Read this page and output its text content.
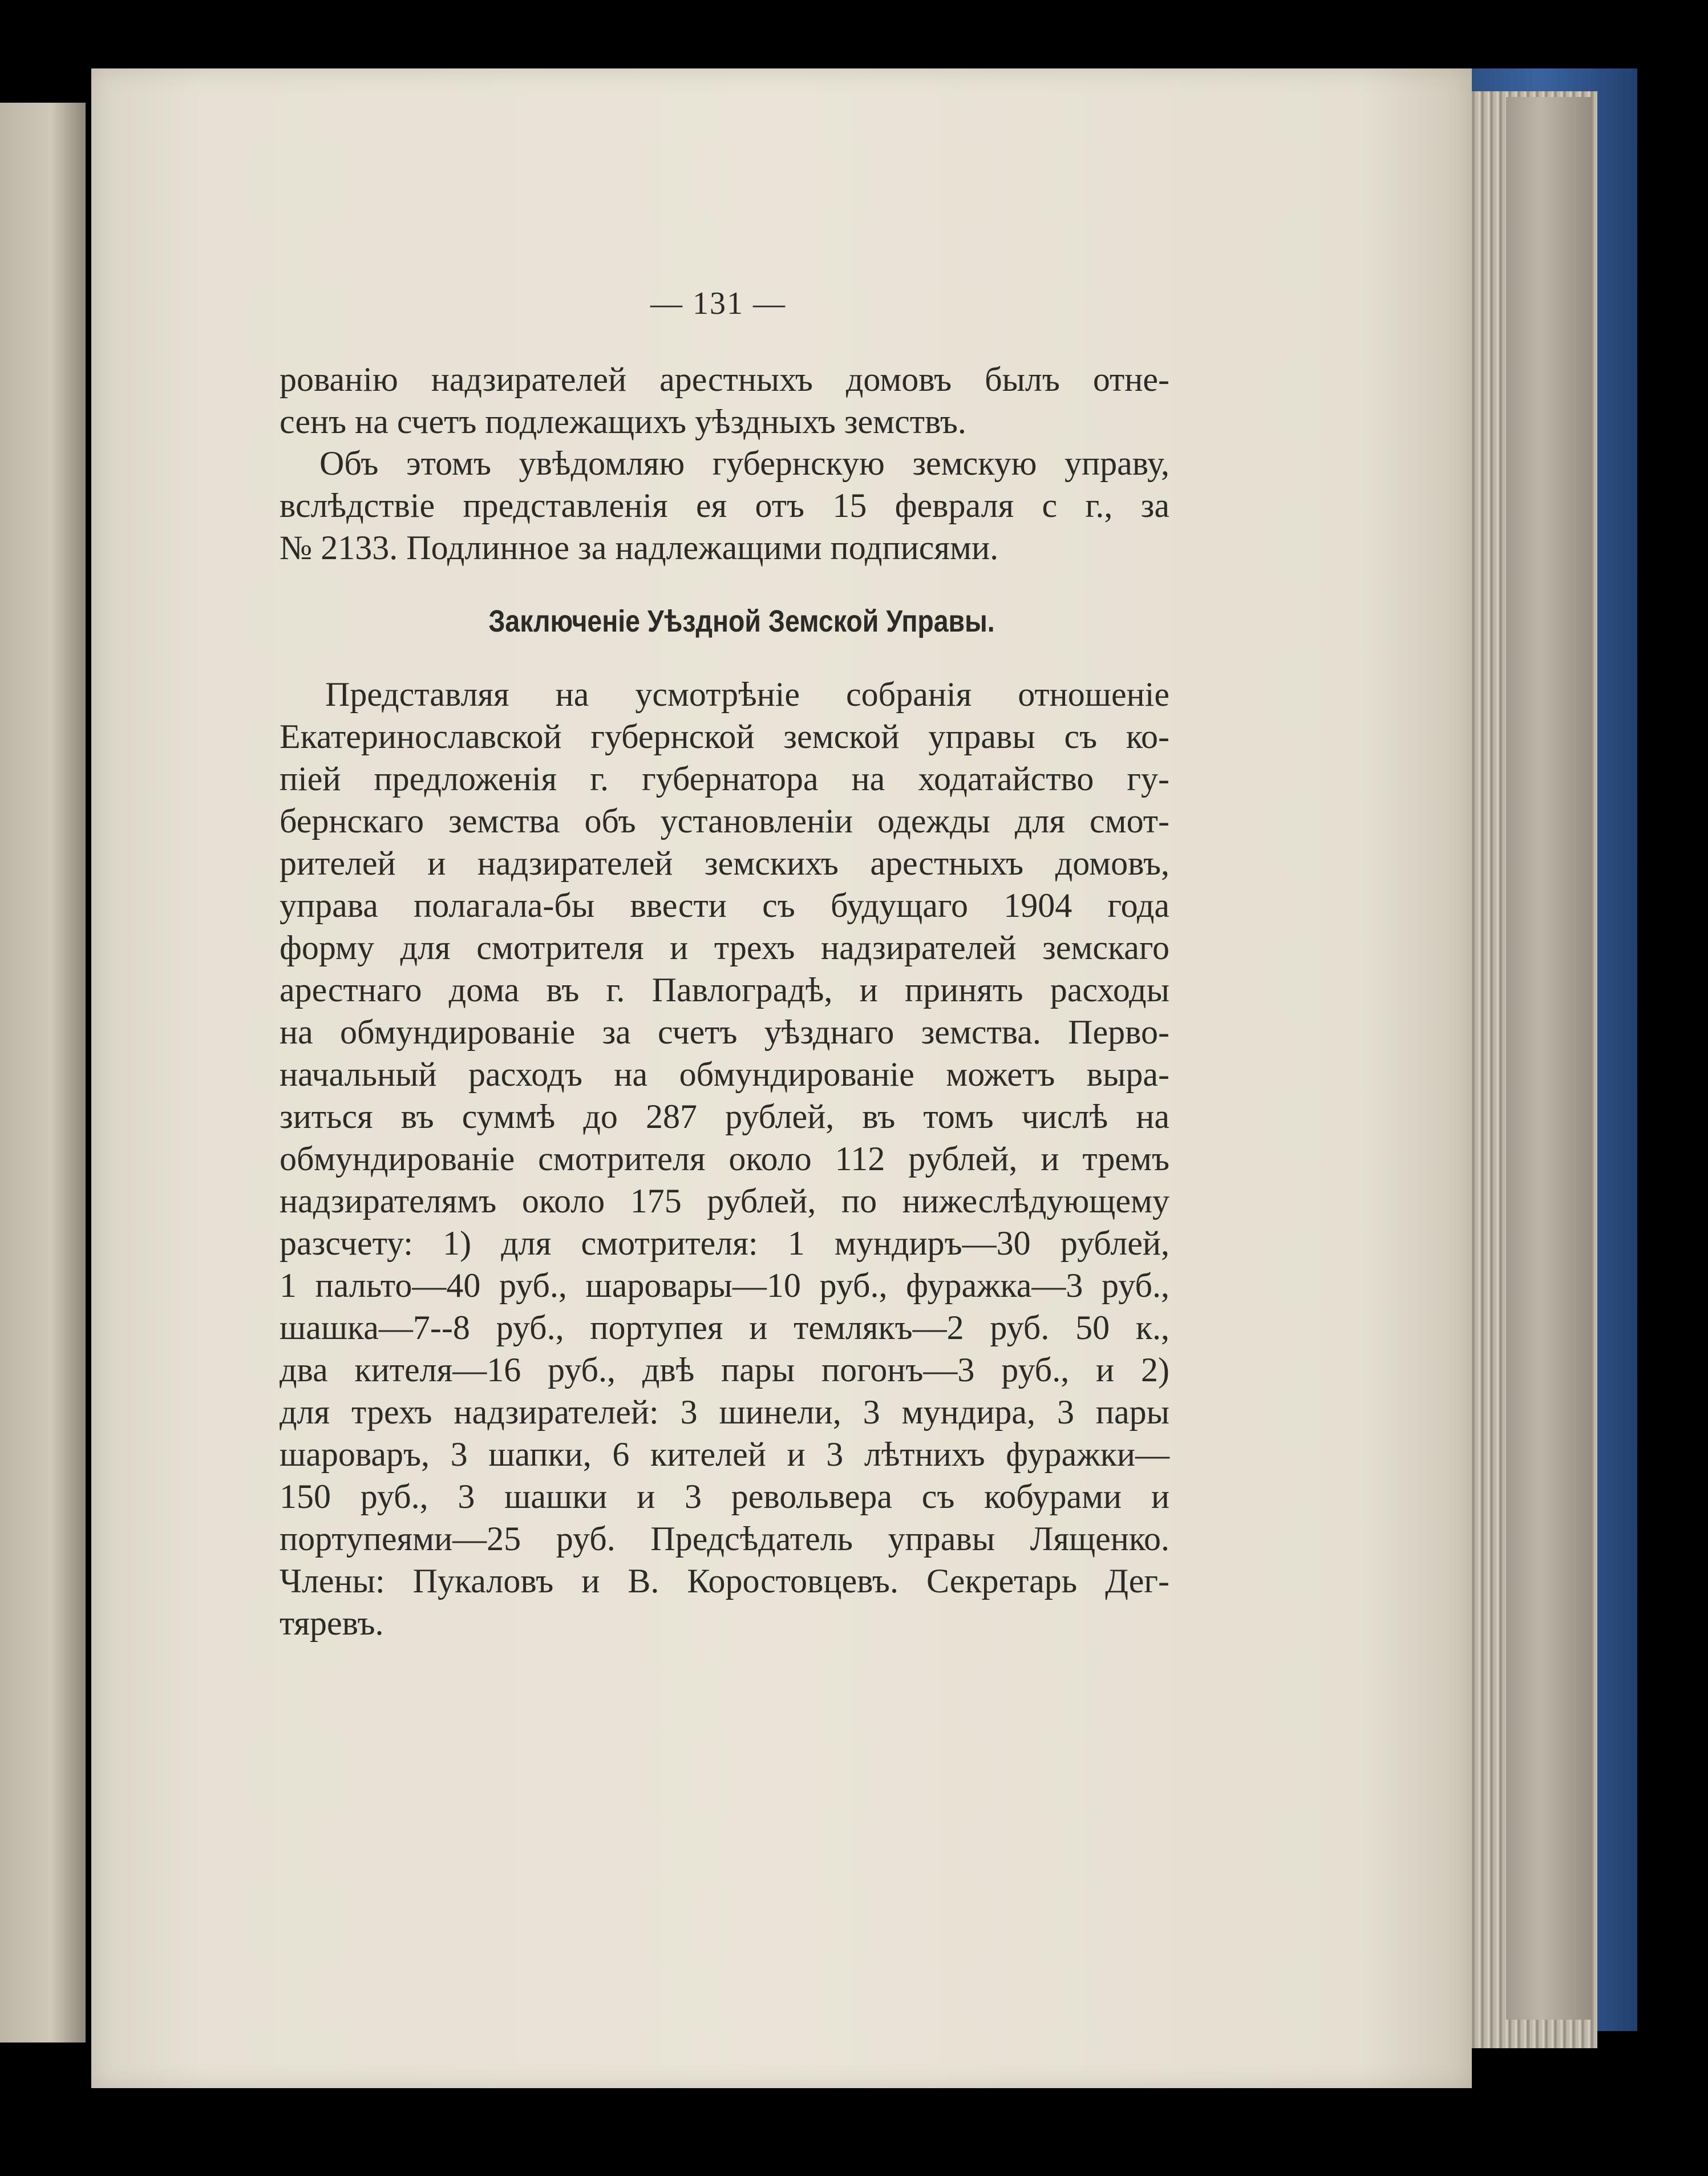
— 131 —
рованію надзирателей арестныхъ домовъ былъ отне-
сенъ на счетъ подлежащихъ уѣздныхъ земствъ.
Объ этомъ увѣдомляю губернскую земскую управу,
вслѣдствіе представленія ея отъ 15 февраля с г., за
№ 2133. Подлинное за надлежащими подписями.
Заключеніе Уѣздной Земской Управы.
Представляя на усмотрѣніе собранія отношеніе
Екатеринославской губернской земской управы съ ко-
піей предложенія г. губернатора на ходатайство гу-
бернскаго земства объ установленіи одежды для смот-
рителей и надзирателей земскихъ арестныхъ домовъ,
управа полагала-бы ввести съ будущаго 1904 года
форму для смотрителя и трехъ надзирателей земскаго
арестнаго дома въ г. Павлоградѣ, и принять расходы
на обмундированіе за счетъ уѣзднаго земства. Перво-
начальный расходъ на обмундированіе можетъ выра-
зиться въ суммѣ до 287 рублей, въ томъ числѣ на
обмундированіе смотрителя около 112 рублей, и тремъ
надзирателямъ около 175 рублей, по нижеслѣдующему
разсчету: 1) для смотрителя: 1 мундиръ—30 рублей,
1 пальто—40 руб., шаровары—10 руб., фуражка—3 руб.,
шашка—7--8 руб., портупея и темлякъ—2 руб. 50 к.,
два кителя—16 руб., двѣ пары погонъ—3 руб., и 2)
для трехъ надзирателей: 3 шинели, 3 мундира, 3 пары
шароваръ, 3 шапки, 6 кителей и 3 лѣтнихъ фуражки—
150 руб., 3 шашки и 3 револьвера съ кобурами и
портупеями—25 руб. Предсѣдатель управы Лященко.
Члены: Пукаловъ и В. Коростовцевъ. Секретарь Дег-
тяревъ.
